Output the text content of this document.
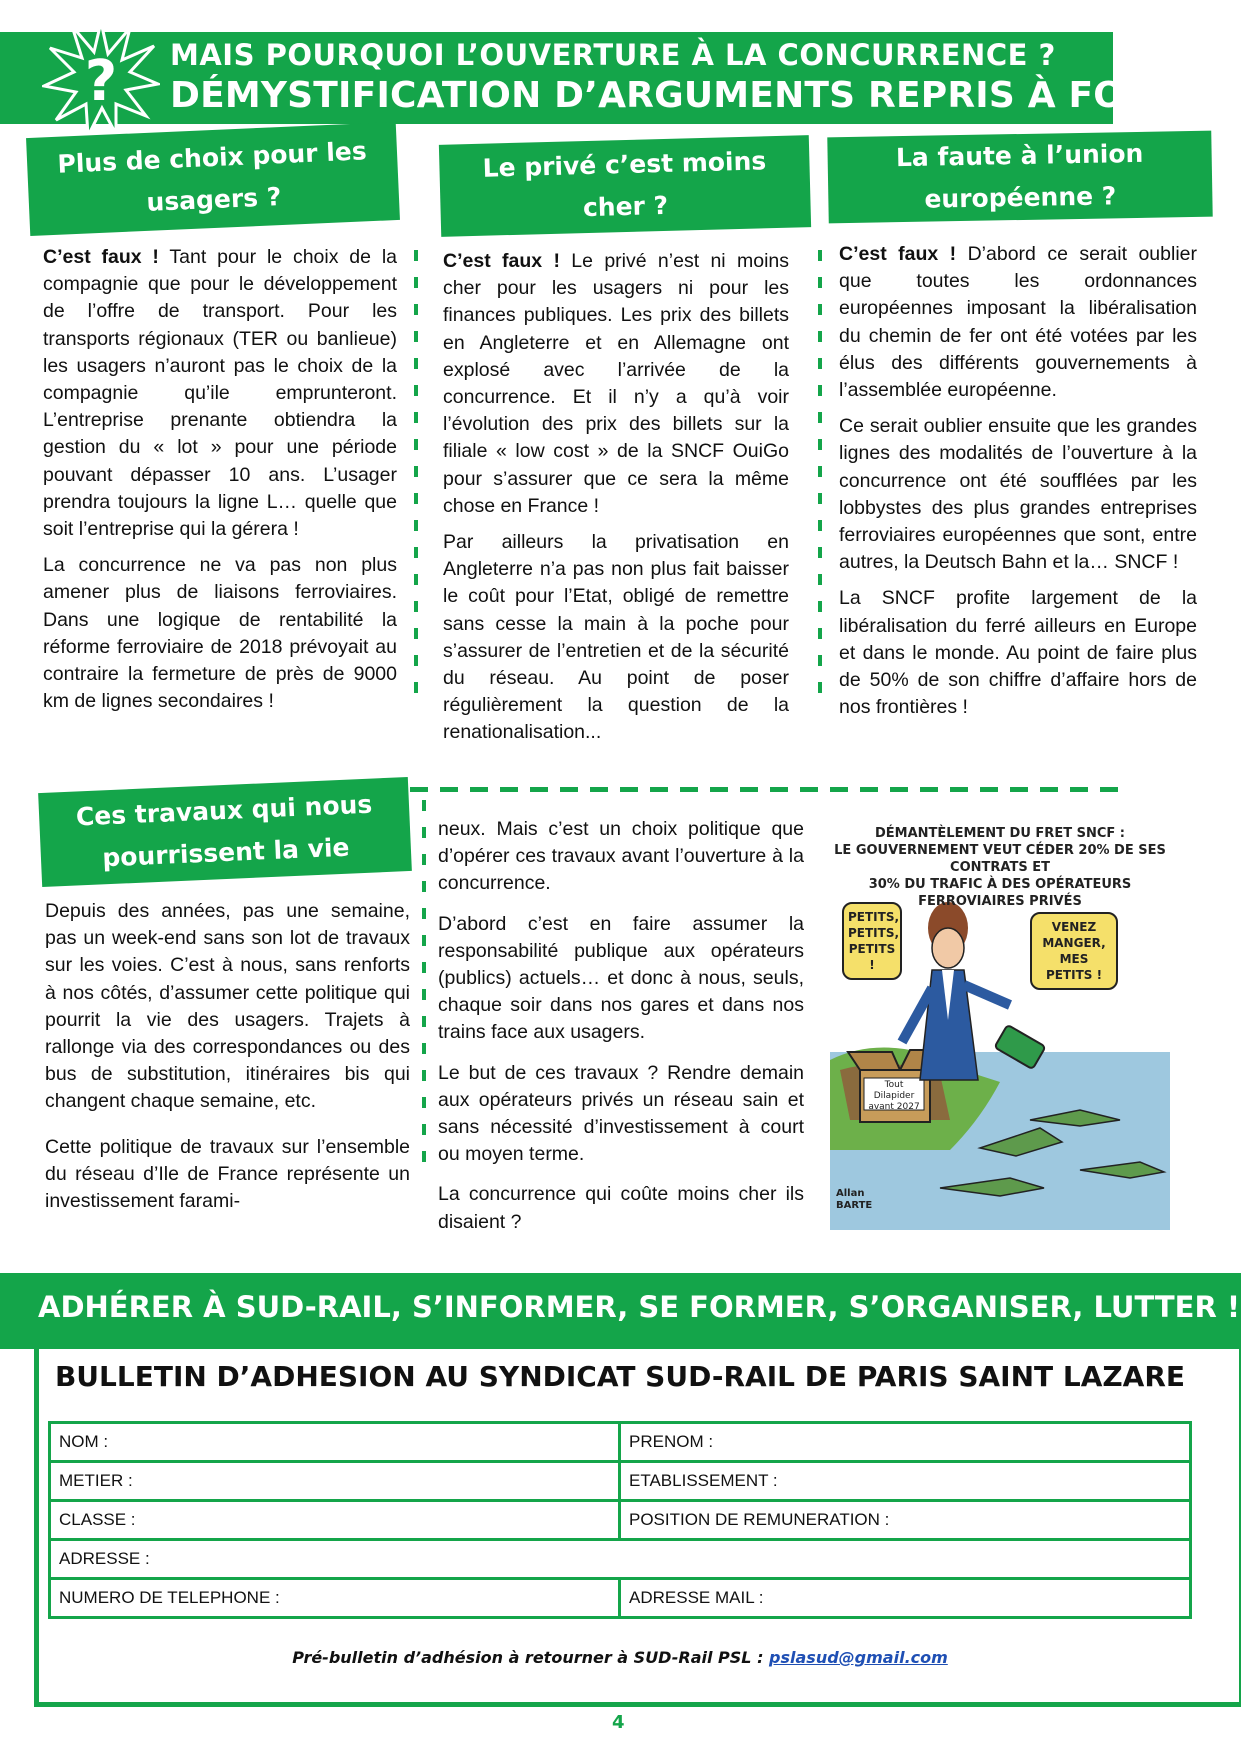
? MAIS POURQUOI L’OUVERTURE À LA CONCURRENCE ?
DÉMYSTIFICATION D’ARGUMENTS REPRIS À FOISON
Plus de choix pour les
usagers ?
Le privé c’est moins
cher ?
La faute à l’union
européenne ?

C’est faux ! Tant pour le choix de la compagnie que pour le développement de l’offre de transport. Pour les transports régionaux (TER ou banlieue) les usagers n’auront pas le choix de la compagnie qu’ile emprunteront. L’entreprise prenante obtiendra la gestion du « lot » pour une période pouvant dépasser 10 ans. L’usager prendra toujours la ligne L… quelle que soit l’entreprise qui la gérera !

La concurrence ne va pas non plus amener plus de liaisons ferroviaires. Dans une logique de rentabilité la réforme ferroviaire de 2018 prévoyait au contraire la fermeture de près de 9000 km de lignes secondaires !

C’est faux ! Le privé n’est ni moins cher pour les usagers ni pour les finances publiques. Les prix des billets en Angleterre et en Allemagne ont explosé avec l’arrivée de la concurrence. Et il n’y a qu’à voir l’évolution des prix des billets sur la filiale « low cost » de la SNCF OuiGo pour s’assurer que ce sera la même chose en France !

Par ailleurs la privatisation en Angleterre n’a pas non plus fait baisser le coût pour l’Etat, obligé de remettre sans cesse la main à la poche pour s’assurer de l’entretien et de la sécurité du réseau. Au point de poser régulièrement la question de la renationalisation...

C’est faux ! D’abord ce serait oublier que toutes les ordonnances européennes imposant la libéralisation du chemin de fer ont été votées par les élus des différents gouvernements à l’assemblée européenne.

Ce serait oublier ensuite que les grandes lignes des modalités de l’ouverture à la concurrence ont été soufflées par les lobbystes des plus grandes entreprises ferroviaires européennes que sont, entre autres, la Deutsch Bahn et la… SNCF !

La SNCF profite largement de la libéralisation du ferré ailleurs en Europe et dans le monde. Au point de faire plus de 50% de son chiffre d’affaire hors de nos frontières !

Ces travaux qui nous
pourrissent la vie

Depuis des années, pas une semaine, pas un week-end sans son lot de travaux sur les voies. C’est à nous, sans renforts à nos côtés, d’assumer cette politique qui pourrit la vie des usagers. Trajets à rallonge via des correspondances ou des bus de substitution, itinéraires bis qui changent chaque semaine, etc.

Cette politique de travaux sur l’ensemble du réseau d’Ile de France représente un investissement farami-

neux. Mais c’est un choix politique que d’opérer ces travaux avant l’ouverture à la concurrence.

D’abord c’est en faire assumer la responsabilité publique aux opérateurs (publics) actuels… et donc à nous, seuls, chaque soir dans nos gares et dans nos trains face aux usagers.

Le but de ces travaux ? Rendre demain aux opérateurs privés un réseau sain et sans nécessité d’investissement à court ou moyen terme.

La concurrence qui coûte moins cher ils disaient ?

DÉMANTÈLEMENT DU FRET SNCF :
LE GOUVERNEMENT VEUT CÉDER 20% DE SES CONTRATS ET
30% DU TRAFIC À DES OPÉRATEURS FERROVIAIRES PRIVÉS
PETITS, PETITS, PETITS !
VENEZ MANGER, MES PETITS !
Tout Dilapider avant 2027
Allan BARTE
ADHÉRER À SUD-RAIL, S’INFORMER, SE FORMER, S’ORGANISER, LUTTER !
BULLETIN D’ADHESION AU SYNDICAT SUD-RAIL DE PARIS SAINT LAZARE
NOM :	PRENOM :
METIER :	ETABLISSEMENT :
CLASSE :	POSITION DE REMUNERATION :
ADRESSE :	
NUMERO DE TELEPHONE :	ADRESSE MAIL :
Pré-bulletin d’adhésion à retourner à SUD-Rail PSL : pslasud@gmail.com
4
